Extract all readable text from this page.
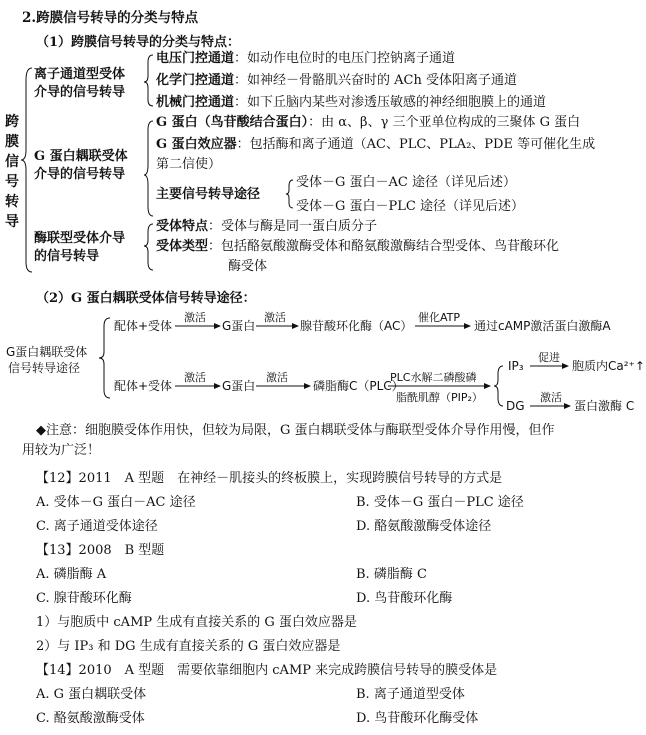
2.跨膜信号转导的分类与特点
（1）跨膜信号转导的分类与特点：
跨膜信号转导
离子通道型受体
介导的信号转导
电压门控通道：如动作电位时的电压门控钠离子通道
化学门控通道：如神经－骨骼肌兴奋时的 ACh 受体阳离子通道
机械门控通道：如下丘脑内某些对渗透压敏感的神经细胞膜上的通道
G 蛋白耦联受体
介导的信号转导
G 蛋白（鸟苷酸结合蛋白）：由 α、β、γ 三个亚单位构成的三聚体 G 蛋白
G 蛋白效应器：包括酶和离子通道（AC、PLC、PLA₂、PDE 等可催化生成
第二信使）
主要信号转导途径
受体－G 蛋白－AC 途径（详见后述）
受体－G 蛋白－PLC 途径（详见后述）
酶联型受体介导
的信号转导
受体特点：受体与酶是同一蛋白质分子
受体类型：包括酪氨酸激酶受体和酪氨酸激酶结合型受体、鸟苷酸环化
酶受体
（2）G 蛋白耦联受体信号转导途径：
G蛋白耦联受体
信号转导途径
配体+受体
激活
G蛋白
激活
腺苷酸环化酶（AC）
催化ATP
通过cAMP激活蛋白激酶A
配体+受体
激活
G蛋白
激活
磷脂酶C（PLC）
PLC水解二磷酸磷
脂酰肌醇（PIP₂）
IP₃
促进
胞质内Ca²⁺↑
DG
激活
蛋白激酶 C
◆注意：细胞膜受体作用快，但较为局限，G 蛋白耦联受体与酶联型受体介导作用慢，但作
用较为广泛！
【12】2011　A 型题　在神经－肌接头的终板膜上，实现跨膜信号转导的方式是
A. 受体－G 蛋白－AC 途径	B. 受体－G 蛋白－PLC 途径
C. 离子通道受体途径	D. 酪氨酸激酶受体途径
【13】2008　B 型题
A. 磷脂酶 A	B. 磷脂酶 C
C. 腺苷酸环化酶	D. 鸟苷酸环化酶
1）与胞质中 cAMP 生成有直接关系的 G 蛋白效应器是
2）与 IP₃ 和 DG 生成有直接关系的 G 蛋白效应器是
【14】2010　A 型题　需要依靠细胞内 cAMP 来完成跨膜信号转导的膜受体是
A. G 蛋白耦联受体	B. 离子通道型受体
C. 酪氨酸激酶受体	D. 鸟苷酸环化酶受体
